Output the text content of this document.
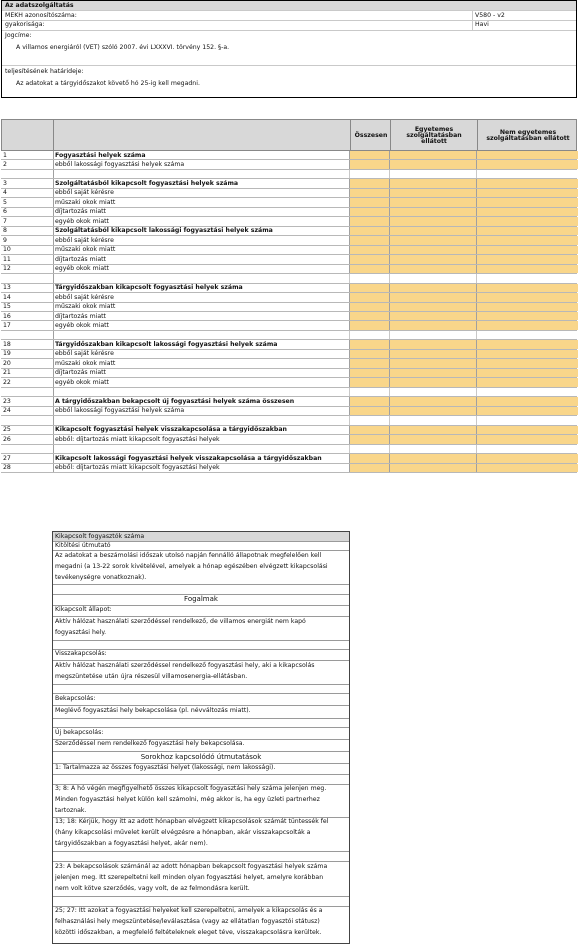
Az adatszolgáltatás
MEKH azonosítószáma:	V580 - v2
gyakorisága:	Havi
Jogcíme:
A villamos energiáról (VET) szóló 2007. évi LXXXVI. törvény 152. §-a.
teljesítésének határideje:
Az adatokat a tárgyidőszakot követő hó 25-ig kell megadni.
Összesen
Egyetemes szolgáltatásban ellátott
Nem egyetemes szolgáltatásban ellátott
1	Fogyasztási helyek száma
2	ebből lakossági fogyasztási helyek száma
3	Szolgáltatásból kikapcsolt fogyasztási helyek száma
4	ebből saját kérésre
5	műszaki okok miatt
6	díjtartozás miatt
7	egyéb okok miatt
8	Szolgáltatásból kikapcsolt lakossági fogyasztási helyek száma
9	ebből saját kérésre
10	műszaki okok miatt
11	díjtartozás miatt
12	egyéb okok miatt
13	Tárgyidőszakban kikapcsolt fogyasztási helyek száma
14	ebből saját kérésre
15	műszaki okok miatt
16	díjtartozás miatt
17	egyéb okok miatt
18	Tárgyidőszakban kikapcsolt lakossági fogyasztási helyek száma
19	ebből saját kérésre
20	műszaki okok miatt
21	díjtartozás miatt
22	egyéb okok miatt
23	A tárgyidőszakban bekapcsolt új fogyasztási helyek száma összesen
24	ebből lakossági fogyasztási helyek száma
25	Kikapcsolt fogyasztási helyek visszakapcsolása a tárgyidőszakban
26	ebből: díjtartozás miatt kikapcsolt fogyasztási helyek
27	Kikapcsolt lakossági fogyasztási helyek visszakapcsolása a tárgyidőszakban
28	ebből: díjtartozás miatt kikapcsolt fogyasztási helyek
Kikapcsolt fogyasztók száma
Kitöltési útmutató
Az adatokat a beszámolási időszak utolsó napján fennálló állapotnak megfelelően kell
megadni (a 13-22 sorok kivételével, amelyek a hónap egészében elvégzett kikapcsolási
tevékenységre vonatkoznak).
Fogalmak
Kikapcsolt állapot:
Aktív hálózat használati szerződéssel rendelkező, de villamos energiát nem kapó
fogyasztási hely.
Visszakapcsolás:
Aktív hálózat használati szerződéssel rendelkező fogyasztási hely, aki a kikapcsolás
megszüntetése után újra részesül villamosenergia-ellátásban.
Bekapcsolás:
Meglévő fogyasztási hely bekapcsolása (pl. névváltozás miatt).
Új bekapcsolás:
Szerződéssel nem rendelkező fogyasztási hely bekapcsolása.
Sorokhoz kapcsolódó útmutatások
1: Tartalmazza az összes fogyasztási helyet (lakossági, nem lakossági).
3; 8: A hó végén megfigyelhető összes kikapcsolt fogyasztási hely száma jelenjen meg.
Minden fogyasztási helyet külön kell számolni, még akkor is, ha egy üzleti partnerhez
tartoznak.
13; 18: Kérjük, hogy itt az adott hónapban elvégzett kikapcsolások számát tüntessék fel
(hány kikapcsolási művelet került elvégzésre a hónapban, akár visszakapcsolták a
tárgyidőszakban a fogyasztási helyet, akár nem).
23: A bekapcsolások számánál az adott hónapban bekapcsolt fogyasztási helyek száma
jelenjen meg. Itt szerepeltetni kell minden olyan fogyasztási helyet, amelyre korábban
nem volt kötve szerződés, vagy volt, de az felmondásra került.
25; 27: Itt azokat a fogyasztási helyeket kell szerepeltetni, amelyek a kikapcsolás és a
felhasználási hely megszüntetése/leválasztása (vagy az ellátatlan fogyasztói státusz)
közötti időszakban, a megfelelő feltételeknek eleget téve, visszakapcsolásra kerültek.
